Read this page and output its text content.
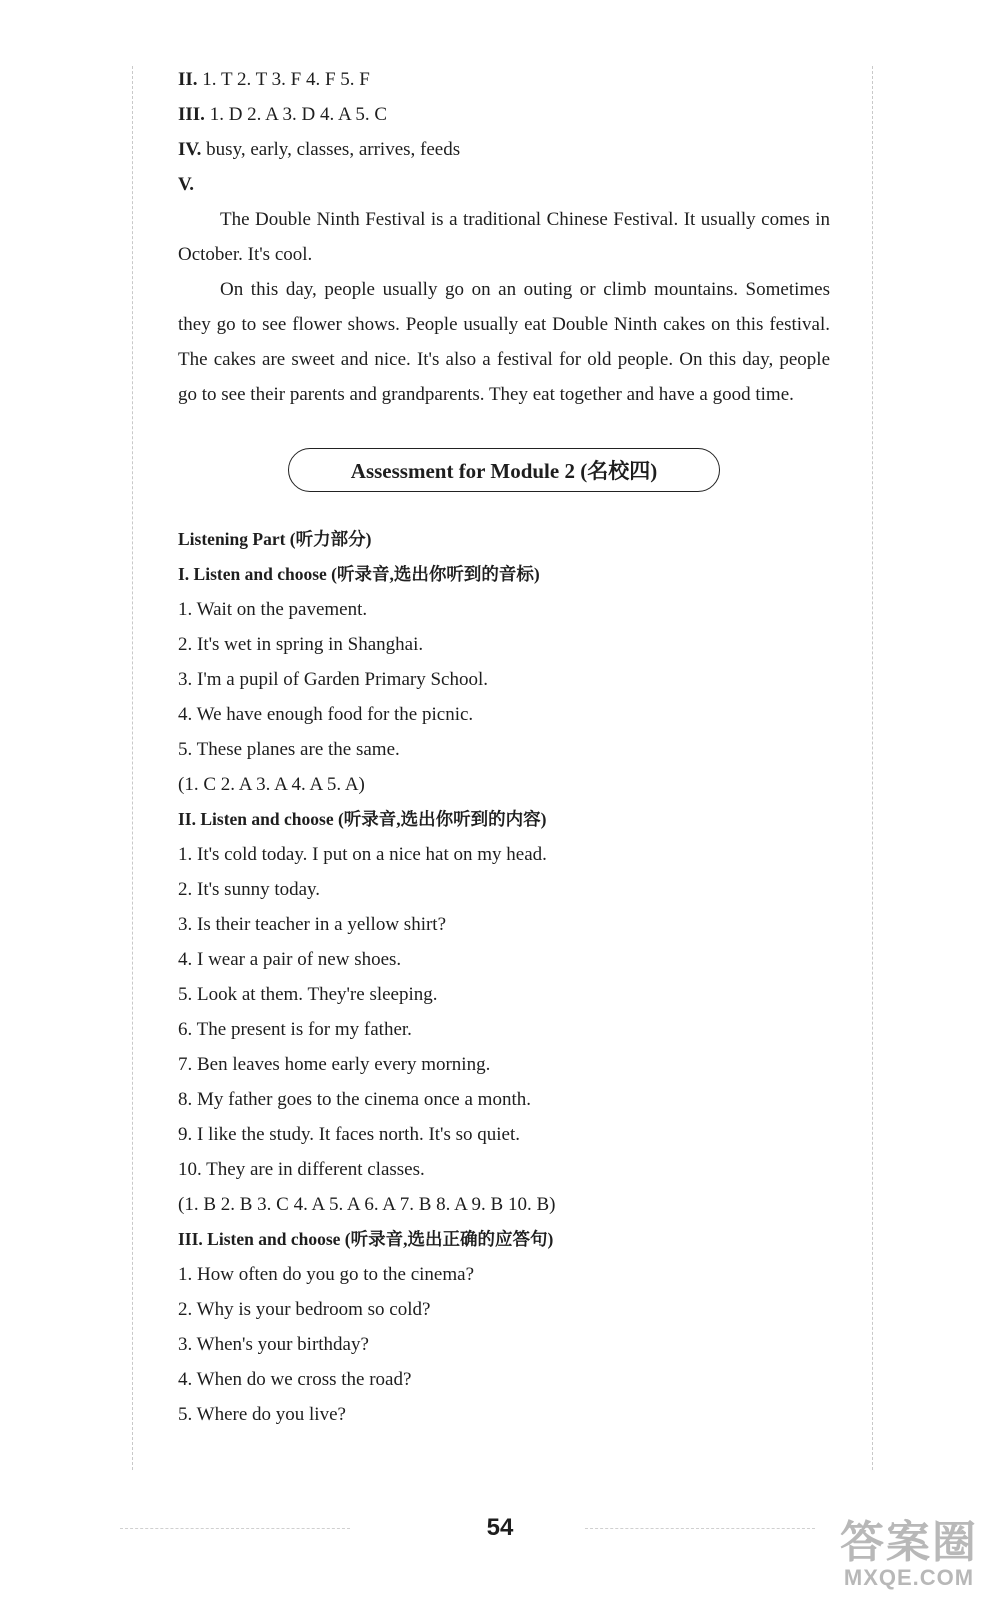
II. 1. T 2. T 3. F 4. F 5. F
III. 1. D 2. A 3. D 4. A 5. C
IV. busy, early, classes, arrives, feeds
V.

The Double Ninth Festival is a traditional Chinese Festival. It usually comes in October. It's cool.

On this day, people usually go on an outing or climb mountains. Sometimes they go to see flower shows. People usually eat Double Ninth cakes on this festival. The cakes are sweet and nice. It's also a festival for old people. On this day, people go to see their parents and grandparents. They eat together and have a good time.

Assessment for Module 2 (名校四)
Listening Part (听力部分)
I. Listen and choose (听录音,选出你听到的音标)
1. Wait on the pavement.
2. It's wet in spring in Shanghai.
3. I'm a pupil of Garden Primary School.
4. We have enough food for the picnic.
5. These planes are the same.
(1. C 2. A 3. A 4. A 5. A)
II. Listen and choose (听录音,选出你听到的内容)
1. It's cold today. I put on a nice hat on my head.
2. It's sunny today.
3. Is their teacher in a yellow shirt?
4. I wear a pair of new shoes.
5. Look at them. They're sleeping.
6. The present is for my father.
7. Ben leaves home early every morning.
8. My father goes to the cinema once a month.
9. I like the study. It faces north. It's so quiet.
10. They are in different classes.
(1. B 2. B 3. C 4. A 5. A 6. A 7. B 8. A 9. B 10. B)
III. Listen and choose (听录音,选出正确的应答句)
1. How often do you go to the cinema?
2. Why is your bedroom so cold?
3. When's your birthday?
4. When do we cross the road?
5. Where do you live?
54	答案圈
MXQE.COM
